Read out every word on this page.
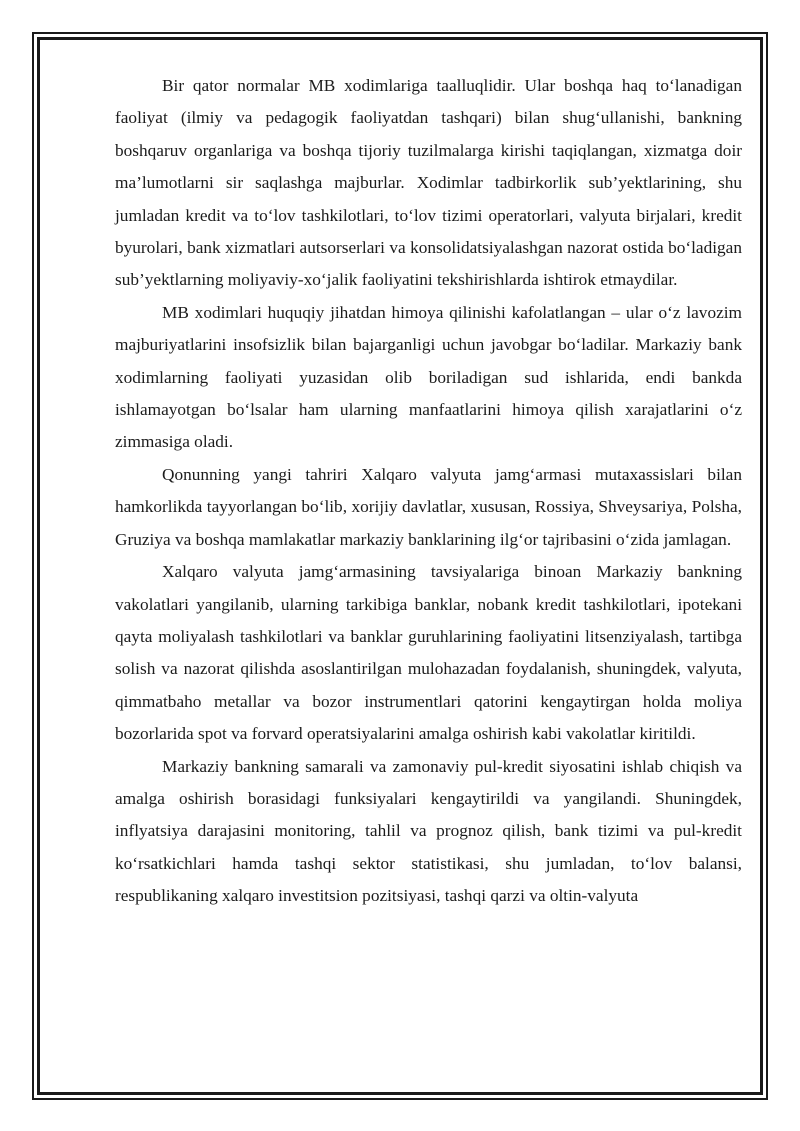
Bir qator normalar MB xodimlariga taalluqlidir. Ular boshqa haq to‘lanadigan faoliyat (ilmiy va pedagogik faoliyatdan tashqari) bilan shug‘ullanishi, bankning boshqaruv organlariga va boshqa tijoriy tuzilmalarga kirishi taqiqlangan, xizmatga doir ma’lumotlarni sir saqlashga majburlar. Xodimlar tadbirkorlik sub’yektlarining, shu jumladan kredit va to‘lov tashkilotlari, to‘lov tizimi operatorlari, valyuta birjalari, kredit byurolari, bank xizmatlari autsorserlari va konsolidatsiyalashgan nazorat ostida bo‘ladigan sub’yektlarning moliyaviy-xo‘jalik faoliyatini tekshirishlarda ishtirok etmaydilar.

MB xodimlari huquqiy jihatdan himoya qilinishi kafolatlangan – ular o‘z lavozim majburiyatlarini insofsizlik bilan bajarganligi uchun javobgar bo‘ladilar. Markaziy bank xodimlarning faoliyati yuzasidan olib boriladigan sud ishlarida, endi bankda ishlamayotgan bo‘lsalar ham ularning manfaatlarini himoya qilish xarajatlarini o‘z zimmasiga oladi.

Qonunning yangi tahriri Xalqaro valyuta jamg‘armasi mutaxassislari bilan hamkorlikda tayyorlangan bo‘lib, xorijiy davlatlar, xususan, Rossiya, Shveysariya, Polsha, Gruziya va boshqa mamlakatlar markaziy banklarining ilg‘or tajribasini o‘zida jamlagan.

Xalqaro valyuta jamg‘armasining tavsiyalariga binoan Markaziy bankning vakolatlari yangilanib, ularning tarkibiga banklar, nobank kredit tashkilotlari, ipotekani qayta moliyalash tashkilotlari va banklar guruhlarining faoliyatini litsenziyalash, tartibga solish va nazorat qilishda asoslantirilgan mulohazadan foydalanish, shuningdek, valyuta, qimmatbaho metallar va bozor instrumentlari qatorini kengaytirgan holda moliya bozorlarida spot va forvard operatsiyalarini amalga oshirish kabi vakolatlar kiritildi.

Markaziy bankning samarali va zamonaviy pul-kredit siyosatini ishlab chiqish va amalga oshirish borasidagi funksiyalari kengaytirildi va yangilandi. Shuningdek, inflyatsiya darajasini monitoring, tahlil va prognoz qilish, bank tizimi va pul-kredit ko‘rsatkichlari hamda tashqi sektor statistikasi, shu jumladan, to‘lov balansi, respublikaning xalqaro investitsion pozitsiyasi, tashqi qarzi va oltin-valyuta
